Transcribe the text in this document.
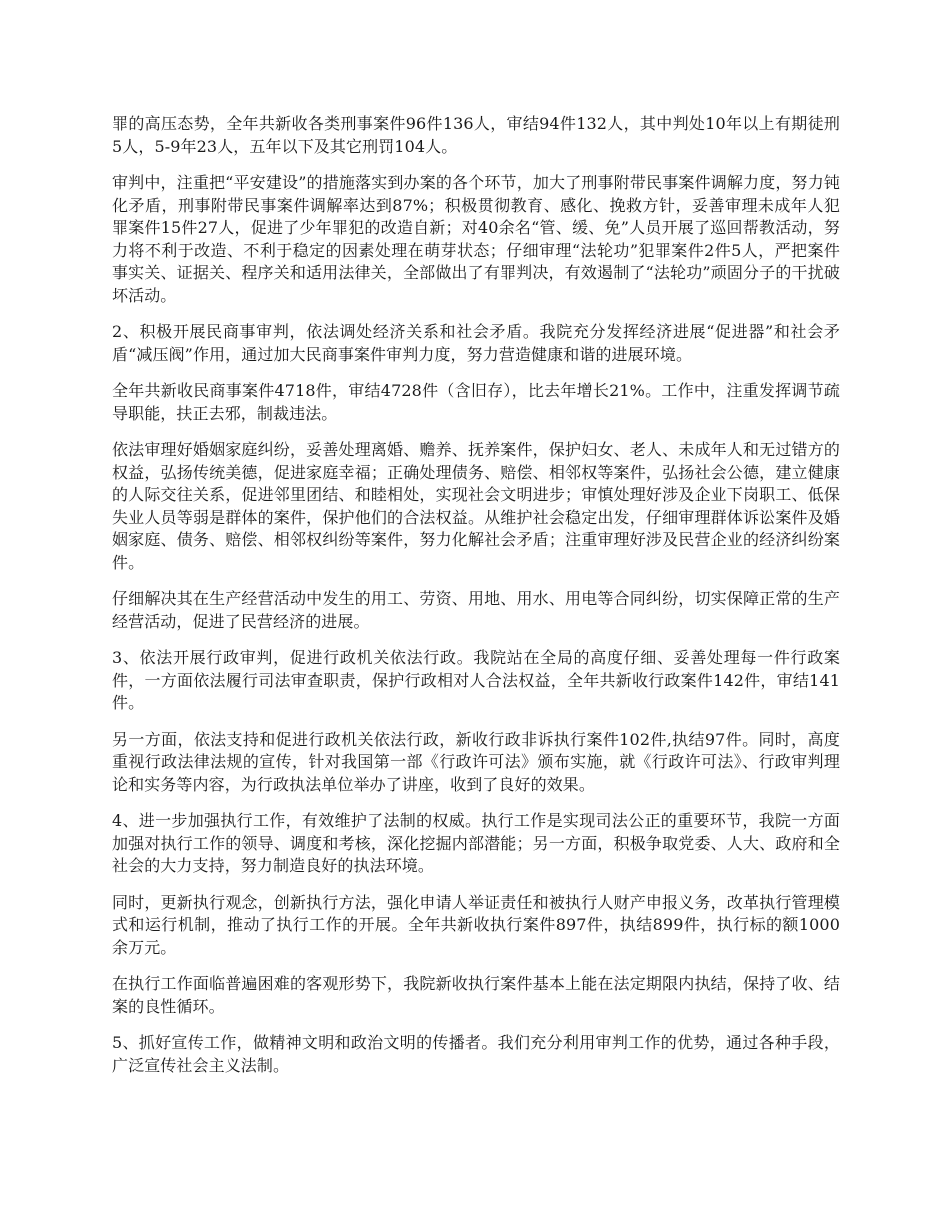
罪的高压态势，全年共新收各类刑事案件96件136人，审结94件132人，其中判处10年以上有期徒刑5人，5-9年23人，五年以下及其它刑罚104人。

审判中，注重把“平安建设”的措施落实到办案的各个环节，加大了刑事附带民事案件调解力度，努力钝化矛盾，刑事附带民事案件调解率达到87%；积极贯彻教育、感化、挽救方针，妥善审理未成年人犯罪案件15件27人，促进了少年罪犯的改造自新；对40余名“管、缓、免”人员开展了巡回帮教活动，努力将不利于改造、不利于稳定的因素处理在萌芽状态；仔细审理“法轮功”犯罪案件2件5人，严把案件事实关、证据关、程序关和适用法律关，全部做出了有罪判决，有效遏制了“法轮功”顽固分子的干扰破坏活动。

2、积极开展民商事审判，依法调处经济关系和社会矛盾。我院充分发挥经济进展“促进器”和社会矛盾“减压阀”作用，通过加大民商事案件审判力度，努力营造健康和谐的进展环境。

全年共新收民商事案件4718件，审结4728件（含旧存），比去年增长21%。工作中，注重发挥调节疏导职能，扶正去邪，制裁违法。

依法审理好婚姻家庭纠纷，妥善处理离婚、赡养、抚养案件，保护妇女、老人、未成年人和无过错方的权益，弘扬传统美德，促进家庭幸福；正确处理债务、赔偿、相邻权等案件，弘扬社会公德，建立健康的人际交往关系，促进邻里团结、和睦相处，实现社会文明进步；审慎处理好涉及企业下岗职工、低保失业人员等弱是群体的案件，保护他们的合法权益。从维护社会稳定出发，仔细审理群体诉讼案件及婚姻家庭、债务、赔偿、相邻权纠纷等案件，努力化解社会矛盾；注重审理好涉及民营企业的经济纠纷案件。

仔细解决其在生产经营活动中发生的用工、劳资、用地、用水、用电等合同纠纷，切实保障正常的生产经营活动，促进了民营经济的进展。

3、依法开展行政审判，促进行政机关依法行政。我院站在全局的高度仔细、妥善处理每一件行政案件，一方面依法履行司法审查职责，保护行政相对人合法权益，全年共新收行政案件142件，审结141件。

另一方面，依法支持和促进行政机关依法行政，新收行政非诉执行案件102件,执结97件。同时，高度重视行政法律法规的宣传，针对我国第一部《行政许可法》颁布实施，就《行政许可法》、行政审判理论和实务等内容，为行政执法单位举办了讲座，收到了良好的效果。

4、进一步加强执行工作，有效维护了法制的权威。执行工作是实现司法公正的重要环节，我院一方面加强对执行工作的领导、调度和考核，深化挖掘内部潜能；另一方面，积极争取党委、人大、政府和全社会的大力支持，努力制造良好的执法环境。

同时，更新执行观念，创新执行方法，强化申请人举证责任和被执行人财产申报义务，改革执行管理模式和运行机制，推动了执行工作的开展。全年共新收执行案件897件，执结899件，执行标的额1000余万元。

在执行工作面临普遍困难的客观形势下，我院新收执行案件基本上能在法定期限内执结，保持了收、结案的良性循环。

5、抓好宣传工作，做精神文明和政治文明的传播者。我们充分利用审判工作的优势，通过各种手段，广泛宣传社会主义法制。
